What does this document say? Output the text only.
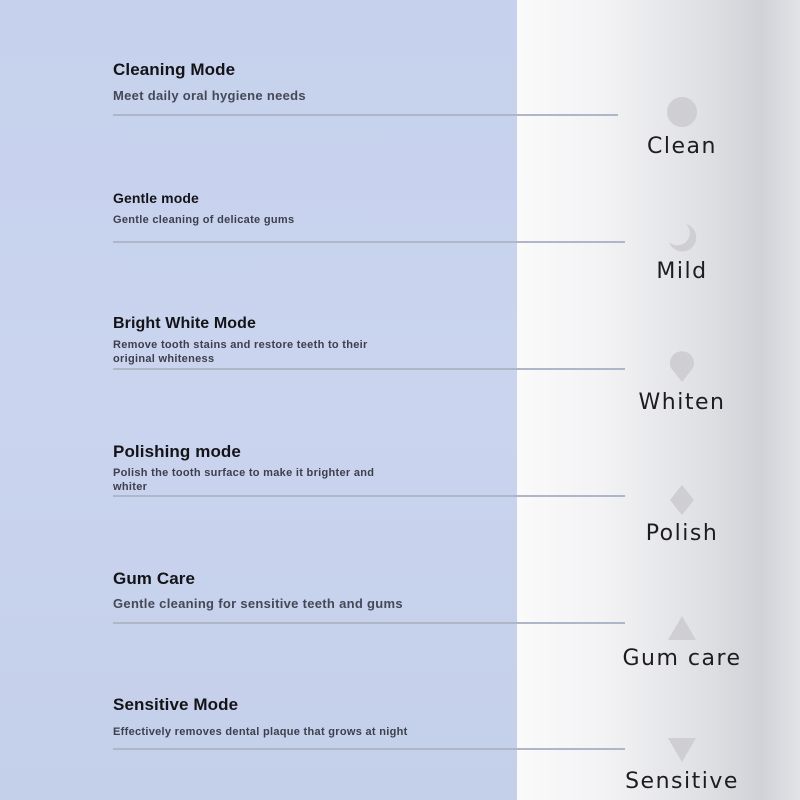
Cleaning Mode

Meet daily oral hygiene needs

Clean

Gentle mode

Gentle cleaning of delicate gums

Mild

Bright White Mode

Remove tooth stains and restore teeth to their original whiteness

Whiten

Polishing mode

Polish the tooth surface to make it brighter and whiter

Polish

Gum Care

Gentle cleaning for sensitive teeth and gums

Gum care

Sensitive Mode

Effectively removes dental plaque that grows at night

Sensitive
